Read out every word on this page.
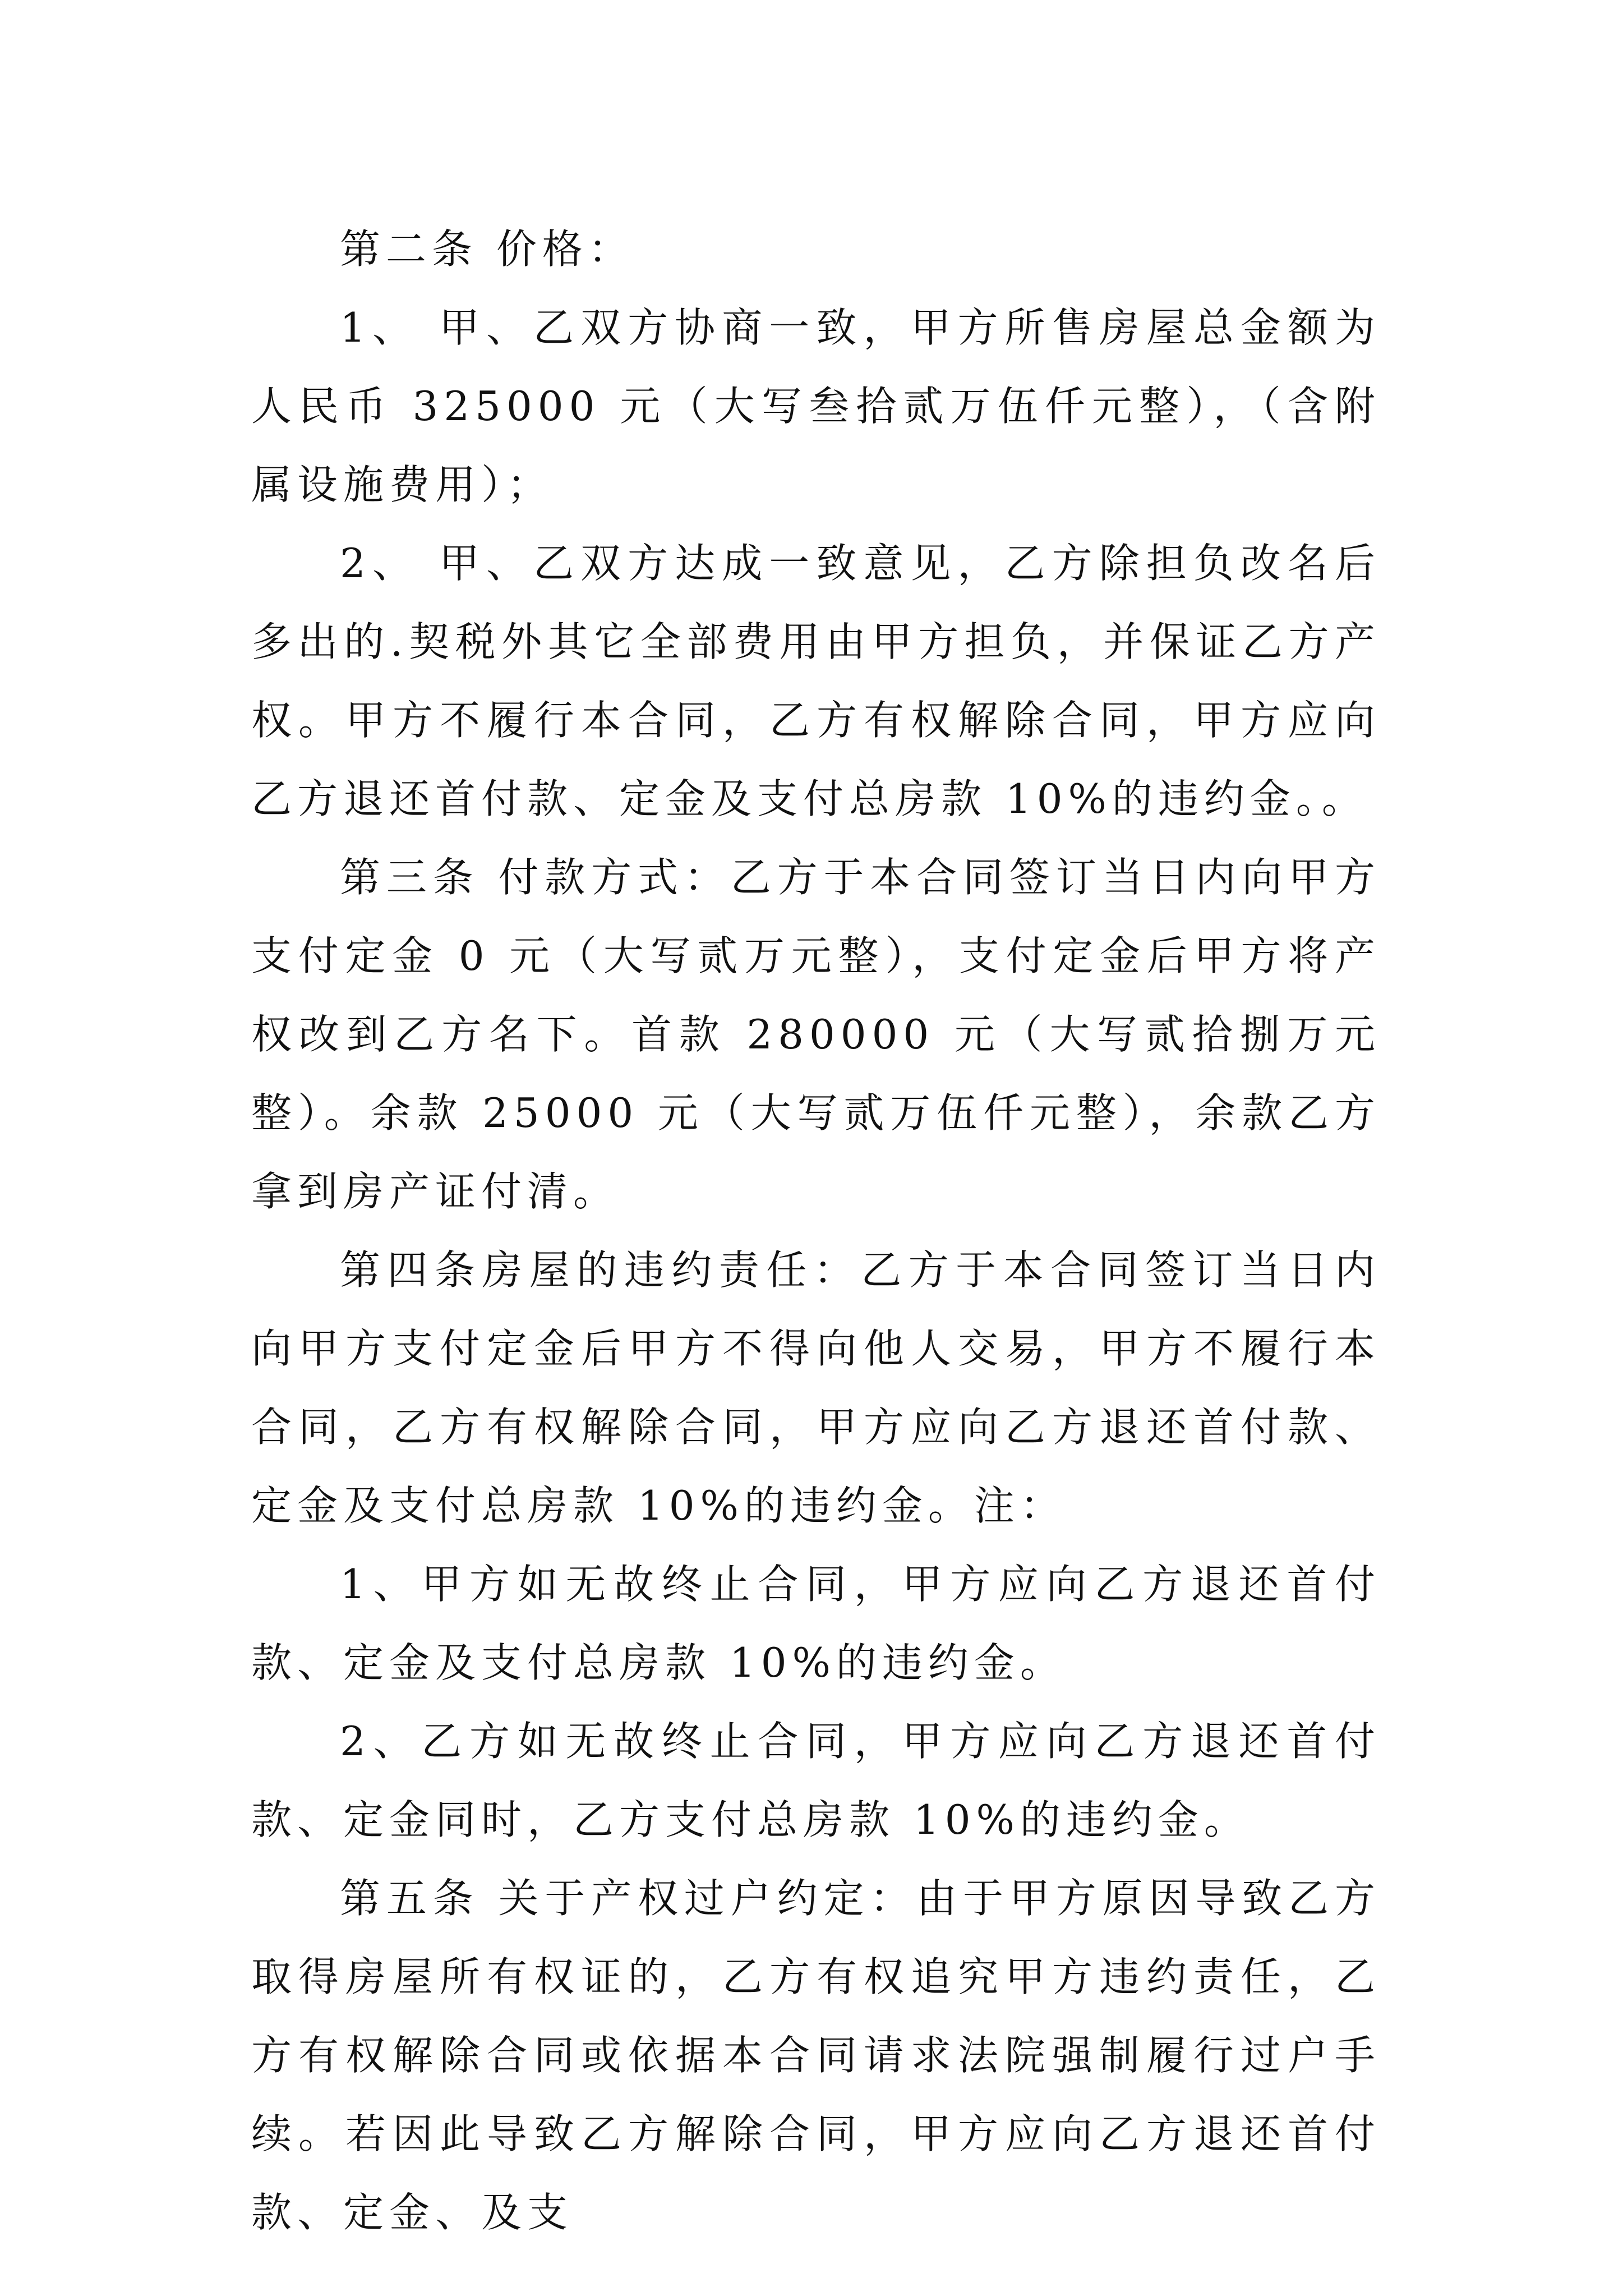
第二条 价格：

1、 甲、乙双方协商一致，甲方所售房屋总金额为人民币 325000 元（大写叁拾贰万伍仟元整），（含附属设施费用）；

2、 甲、乙双方达成一致意见，乙方除担负改名后多出的.契税外其它全部费用由甲方担负，并保证乙方产权。甲方不履行本合同，乙方有权解除合同，甲方应向乙方退还首付款、定金及支付总房款 10%的违约金。。

第三条 付款方式：乙方于本合同签订当日内向甲方支付定金 0 元（大写贰万元整），支付定金后甲方将产权改到乙方名下。首款 280000 元（大写贰拾捌万元整）。余款 25000 元（大写贰万伍仟元整），余款乙方拿到房产证付清。

第四条房屋的违约责任：乙方于本合同签订当日内向甲方支付定金后甲方不得向他人交易，甲方不履行本合同，乙方有权解除合同，甲方应向乙方退还首付款、定金及支付总房款 10%的违约金。注：

1、甲方如无故终止合同，甲方应向乙方退还首付款、定金及支付总房款 10%的违约金。

2、乙方如无故终止合同，甲方应向乙方退还首付款、定金同时，乙方支付总房款 10%的违约金。

第五条 关于产权过户约定：由于甲方原因导致乙方取得房屋所有权证的，乙方有权追究甲方违约责任，乙方有权解除合同或依据本合同请求法院强制履行过户手续。若因此导致乙方解除合同，甲方应向乙方退还首付款、定金、及支
